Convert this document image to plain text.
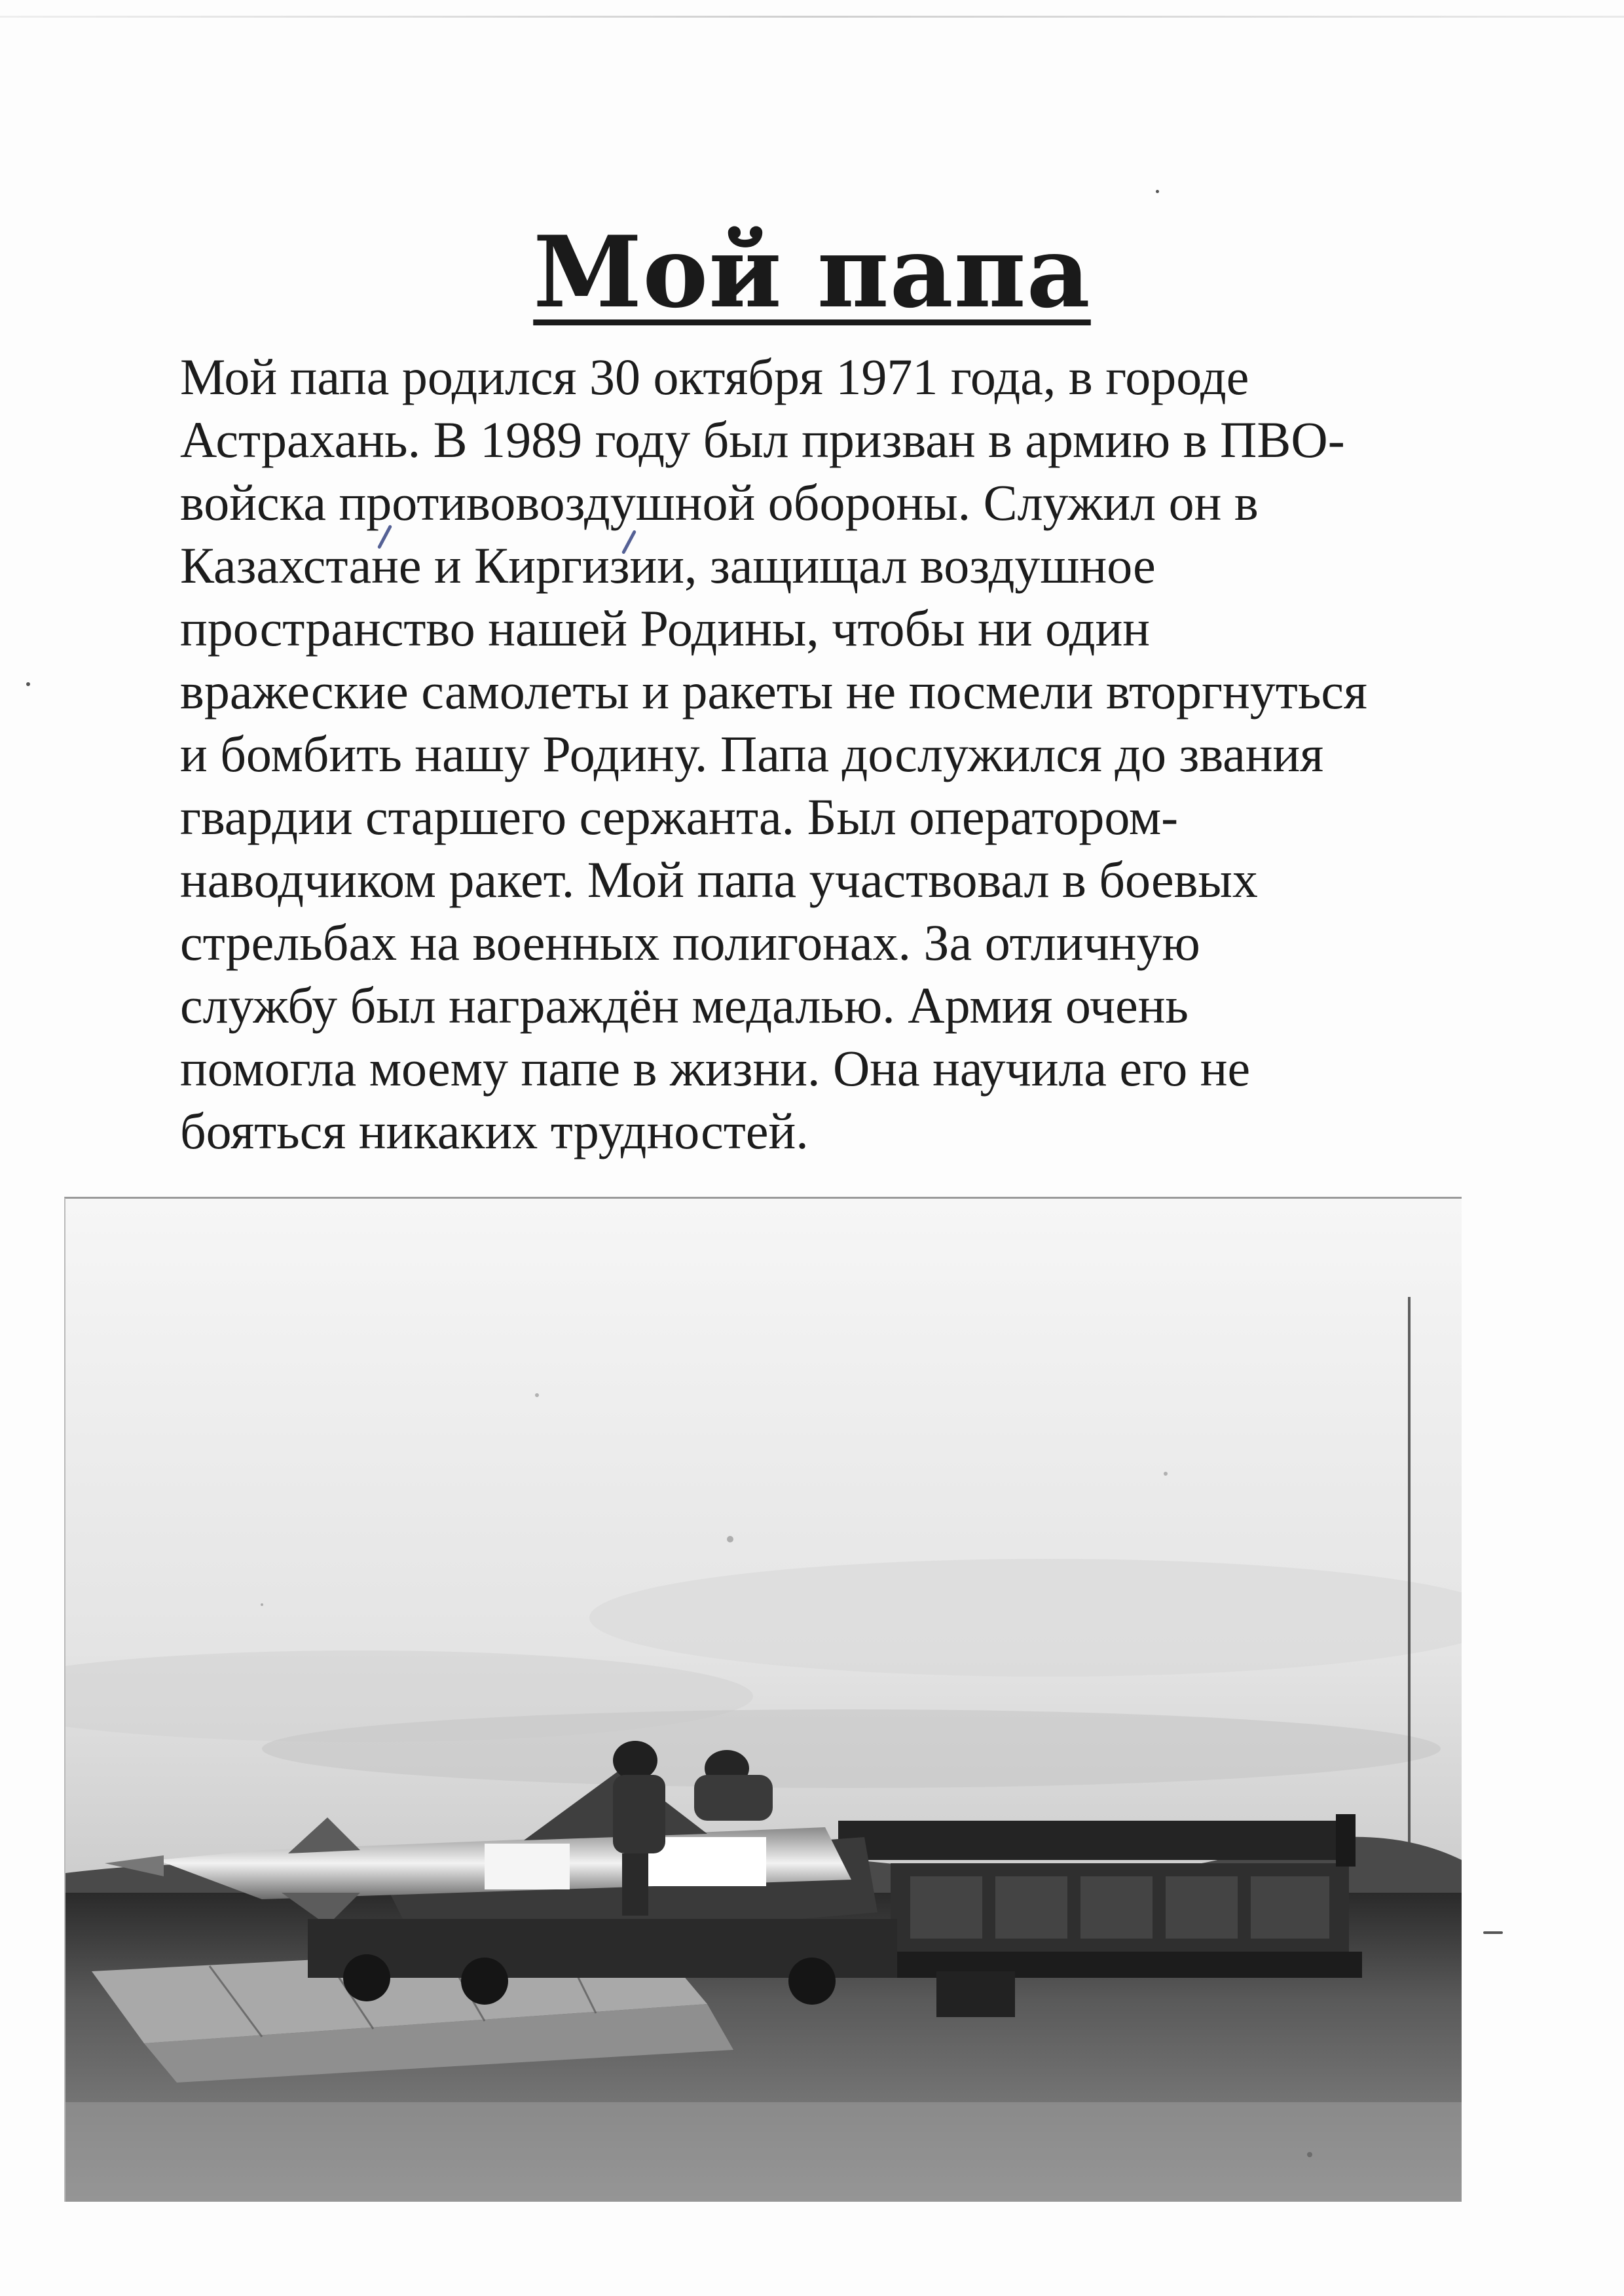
Мой папа

Мой папа родился 30 октября 1971 года, в городе
Астрахань. В 1989 году был призван в армию в ПВО-
войска противовоздушной обороны. Служил он в
Казахстане и Киргизии, защищал воздушное
пространство нашей Родины, чтобы ни один
вражеские самолеты и ракеты не посмели вторгнуться
и бомбить нашу Родину. Папа дослужился до звания
гвардии старшего сержанта. Был оператором-
наводчиком ракет. Мой папа участвовал в боевых
стрельбах на военных полигонах. За отличную
службу был награждён медалью. Армия очень
помогла моему папе в жизни. Она научила его не
бояться никаких трудностей.
